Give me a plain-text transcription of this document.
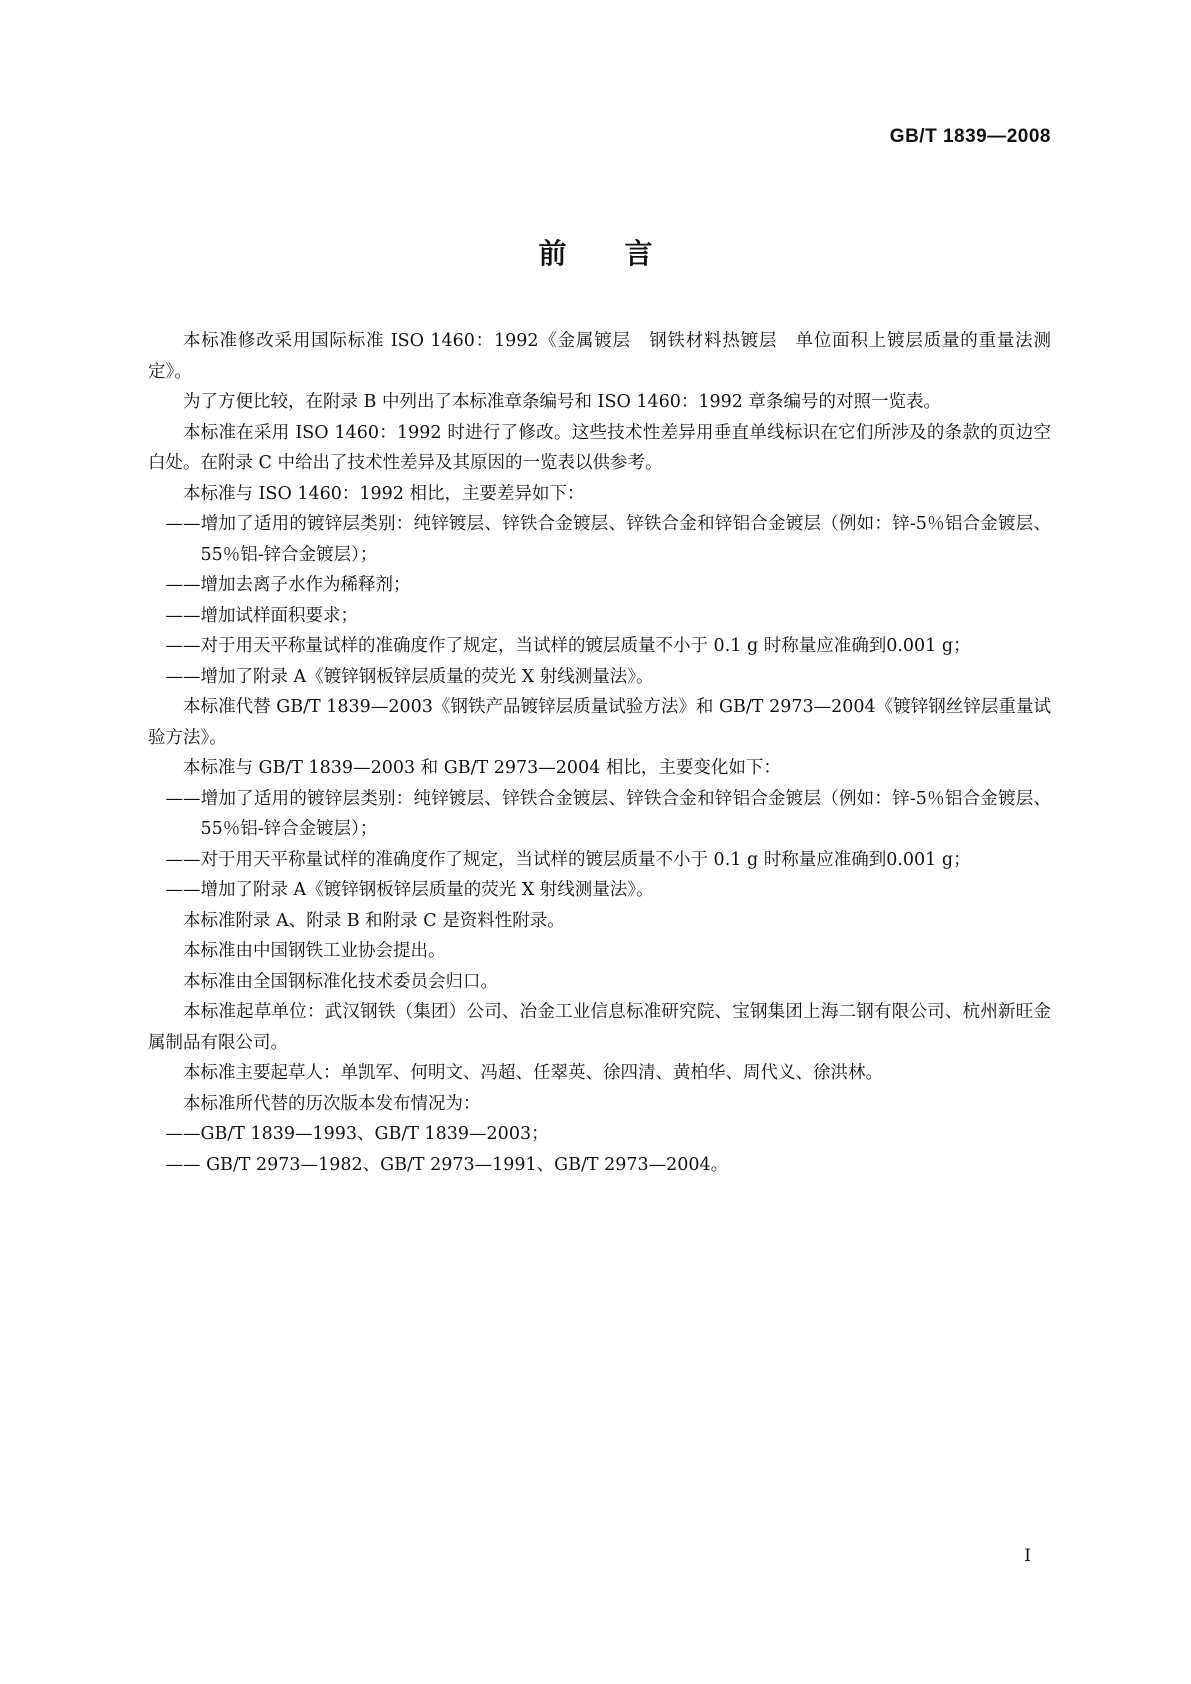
GB/T 1839—2008
前言

本标准修改采用国际标准 ISO 1460：1992《金属镀层　钢铁材料热镀层　单位面积上镀层质量的重量法测定》。

为了方便比较，在附录 B 中列出了本标准章条编号和 ISO 1460：1992 章条编号的对照一览表。

本标准在采用 ISO 1460：1992 时进行了修改。这些技术性差异用垂直单线标识在它们所涉及的条款的页边空白处。在附录 C 中给出了技术性差异及其原因的一览表以供参考。

本标准与 ISO 1460：1992 相比，主要差异如下：

——增加了适用的镀锌层类别：纯锌镀层、锌铁合金镀层、锌铁合金和锌铝合金镀层（例如：锌-5％铝合金镀层、55％铝-锌合金镀层）；

——增加去离子水作为稀释剂；

——增加试样面积要求；

——对于用天平称量试样的准确度作了规定，当试样的镀层质量不小于 0.1 g 时称量应准确到0.001 g；

——增加了附录 A《镀锌钢板锌层质量的荧光 X 射线测量法》。

本标准代替 GB/T 1839—2003《钢铁产品镀锌层质量试验方法》和 GB/T 2973—2004《镀锌钢丝锌层重量试验方法》。

本标准与 GB/T 1839—2003 和 GB/T 2973—2004 相比，主要变化如下：

——增加了适用的镀锌层类别：纯锌镀层、锌铁合金镀层、锌铁合金和锌铝合金镀层（例如：锌-5％铝合金镀层、55％铝-锌合金镀层）；

——对于用天平称量试样的准确度作了规定，当试样的镀层质量不小于 0.1 g 时称量应准确到0.001 g；

——增加了附录 A《镀锌钢板锌层质量的荧光 X 射线测量法》。

本标准附录 A、附录 B 和附录 C 是资料性附录。

本标准由中国钢铁工业协会提出。

本标准由全国钢标准化技术委员会归口。

本标准起草单位：武汉钢铁（集团）公司、冶金工业信息标准研究院、宝钢集团上海二钢有限公司、杭州新旺金属制品有限公司。

本标准主要起草人：单凯军、何明文、冯超、任翠英、徐四清、黄柏华、周代义、徐洪林。

本标准所代替的历次版本发布情况为：

——GB/T 1839—1993、GB/T 1839—2003；

—— GB/T 2973—1982、GB/T 2973—1991、GB/T 2973—2004。

I
